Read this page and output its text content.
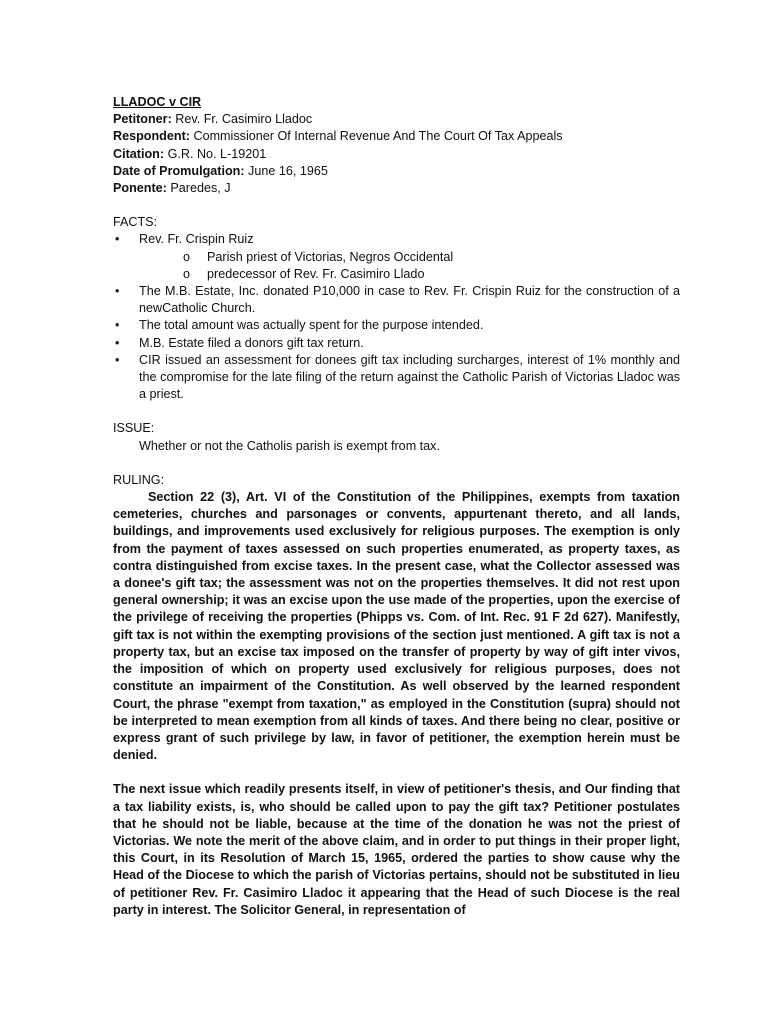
LLADOC v CIR

Petitoner: Rev. Fr. Casimiro Lladoc

Respondent: Commissioner Of Internal Revenue And The Court Of Tax Appeals

Citation: G.R. No. L-19201

Date of Promulgation: June 16, 1965

Ponente: Paredes, J

FACTS:

• Rev. Fr. Crispin Ruiz
o Parish priest of Victorias, Negros Occidental
o predecessor of Rev. Fr. Casimiro Llado
• The M.B. Estate, Inc. donated P10,000 in case to Rev. Fr. Crispin Ruiz for the construction of a newCatholic Church.
• The total amount was actually spent for the purpose intended.
• M.B. Estate filed a donors gift tax return.
• CIR issued an assessment for donees gift tax including surcharges, interest of 1% monthly and the compromise for the late filing of the return against the Catholic Parish of Victorias Lladoc was a priest.

ISSUE:

Whether or not the Catholis parish is exempt from tax.

RULING:

Section 22 (3), Art. VI of the Constitution of the Philippines, exempts from taxation cemeteries, churches and parsonages or convents, appurtenant thereto, and all lands, buildings, and improvements used exclusively for religious purposes. The exemption is only from the payment of taxes assessed on such properties enumerated, as property taxes, as contra distinguished from excise taxes. In the present case, what the Collector assessed was a donee's gift tax; the assessment was not on the properties themselves. It did not rest upon general ownership; it was an excise upon the use made of the properties, upon the exercise of the privilege of receiving the properties (Phipps vs. Com. of Int. Rec. 91 F 2d 627). Manifestly, gift tax is not within the exempting provisions of the section just mentioned. A gift tax is not a property tax, but an excise tax imposed on the transfer of property by way of gift inter vivos, the imposition of which on property used exclusively for religious purposes, does not constitute an impairment of the Constitution. As well observed by the learned respondent Court, the phrase "exempt from taxation," as employed in the Constitution (supra) should not be interpreted to mean exemption from all kinds of taxes. And there being no clear, positive or express grant of such privilege by law, in favor of petitioner, the exemption herein must be denied.

The next issue which readily presents itself, in view of petitioner's thesis, and Our finding that a tax liability exists, is, who should be called upon to pay the gift tax? Petitioner postulates that he should not be liable, because at the time of the donation he was not the priest of Victorias. We note the merit of the above claim, and in order to put things in their proper light, this Court, in its Resolution of March 15, 1965, ordered the parties to show cause why the Head of the Diocese to which the parish of Victorias pertains, should not be substituted in lieu of petitioner Rev. Fr. Casimiro Lladoc it appearing that the Head of such Diocese is the real party in interest. The Solicitor General, in representation of
